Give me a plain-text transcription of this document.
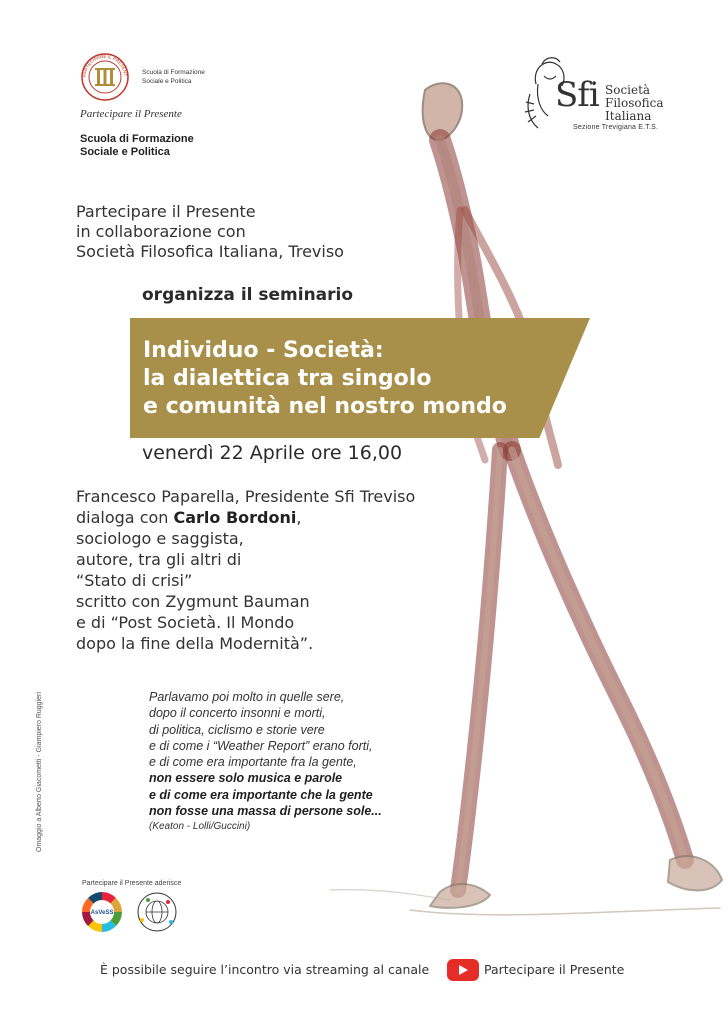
PARTECIPARE IL PRESENT Scuola di Formazione
Sociale e Politica
Partecipare il Presente
Scuola di Formazione
Sociale e Politica
Sfi Società
Filosofica
Italiana
Sezione Trevigiana E.T.S.
Partecipare il Presente
in collaborazione con
Società Filosofica Italiana, Treviso
organizza il seminario
Individuo - Società:
la dialettica tra singolo
e comunità nel nostro mondo
venerdì 22 Aprile ore 16,00
Francesco Paparella, Presidente Sfi Treviso
dialoga con Carlo Bordoni,
sociologo e saggista,
autore, tra gli altri di
“Stato di crisi”
scritto con Zygmunt Bauman
e di “Post Società. Il Mondo
dopo la fine della Modernità”.
Parlavamo poi molto in quelle sere,
dopo il concerto insonni e morti,
di politica, ciclismo e storie vere
e di come i “Weather Report” erano forti,
e di come era importante fra la gente,
non essere solo musica e parole
e di come era importante che la gente
non fosse una massa di persone sole...
(Keaton - Lolli/Guccini)
Omaggio a Alberto Giacometti - Giampiero Ruggieri
Partecipare il Presente aderisce
AsVeSS
È possibile seguire l’incontro via streaming al canale	Partecipare il Presente
